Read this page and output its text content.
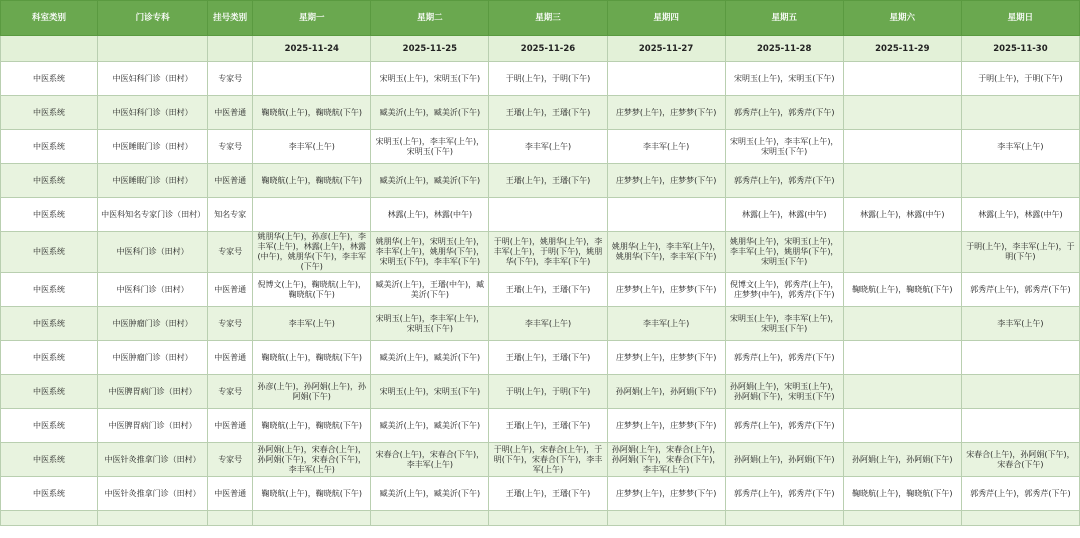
科室类别	门诊专科	挂号类别	星期一	星期二	星期三	星期四	星期五	星期六	星期日
			2025-11-24	2025-11-25	2025-11-26	2025-11-27	2025-11-28	2025-11-29	2025-11-30
中医系统	中医妇科门诊（田村）	专家号		宋明玉(上午)，宋明玉(下午)	于明(上午)，于明(下午)		宋明玉(上午)，宋明玉(下午)		于明(上午)，于明(下午)
中医系统	中医妇科门诊（田村）	中医普通	鞠晓航(上午)，鞠晓航(下午)	臧美沂(上午)，臧美沂(下午)	王璠(上午)，王璠(下午)	庄梦梦(上午)，庄梦梦(下午)	郭秀芹(上午)，郭秀芹(下午)		
中医系统	中医睡眠门诊（田村）	专家号	李丰军(上午)	宋明玉(上午)，李丰军(上午)，宋明玉(下午)	李丰军(上午)	李丰军(上午)	宋明玉(上午)，李丰军(上午)，宋明玉(下午)		李丰军(上午)
中医系统	中医睡眠门诊（田村）	中医普通	鞠晓航(上午)，鞠晓航(下午)	臧美沂(上午)，臧美沂(下午)	王璠(上午)，王璠(下午)	庄梦梦(上午)，庄梦梦(下午)	郭秀芹(上午)，郭秀芹(下午)		
中医系统	中医科知名专家门诊（田村）	知名专家		林露(上午)，林露(中午)			林露(上午)，林露(中午)	林露(上午)，林露(中午)	林露(上午)，林露(中午)
中医系统	中医科门诊（田村）	专家号	姚朋华(上午)，孙彦(上午)，李丰军(上午)，林露(上午)，林露(中午)，姚朋华(下午)，李丰军(下午)	姚朋华(上午)，宋明玉(上午)，李丰军(上午)，姚朋华(下午)，宋明玉(下午)，李丰军(下午)	于明(上午)，姚朋华(上午)，李丰军(上午)，于明(下午)，姚朋华(下午)，李丰军(下午)	姚朋华(上午)，李丰军(上午)，姚朋华(下午)，李丰军(下午)	姚朋华(上午)，宋明玉(上午)，李丰军(上午)，姚朋华(下午)，宋明玉(下午)		于明(上午)，李丰军(上午)，于明(下午)
中医系统	中医科门诊（田村）	中医普通	倪博文(上午)，鞠晓航(上午)，鞠晓航(下午)	臧美沂(上午)，王璠(中午)，臧美沂(下午)	王璠(上午)，王璠(下午)	庄梦梦(上午)，庄梦梦(下午)	倪博文(上午)，郭秀芹(上午)，庄梦梦(中午)，郭秀芹(下午)	鞠晓航(上午)，鞠晓航(下午)	郭秀芹(上午)，郭秀芹(下午)
中医系统	中医肿瘤门诊（田村）	专家号	李丰军(上午)	宋明玉(上午)，李丰军(上午)，宋明玉(下午)	李丰军(上午)	李丰军(上午)	宋明玉(上午)，李丰军(上午)，宋明玉(下午)		李丰军(上午)
中医系统	中医肿瘤门诊（田村）	中医普通	鞠晓航(上午)，鞠晓航(下午)	臧美沂(上午)，臧美沂(下午)	王璠(上午)，王璠(下午)	庄梦梦(上午)，庄梦梦(下午)	郭秀芹(上午)，郭秀芹(下午)		
中医系统	中医脾胃病门诊（田村）	专家号	孙彦(上午)，孙阿娟(上午)，孙阿娟(下午)	宋明玉(上午)，宋明玉(下午)	于明(上午)，于明(下午)	孙阿娟(上午)，孙阿娟(下午)	孙阿娟(上午)，宋明玉(上午)，孙阿娟(下午)，宋明玉(下午)		
中医系统	中医脾胃病门诊（田村）	中医普通	鞠晓航(上午)，鞠晓航(下午)	臧美沂(上午)，臧美沂(下午)	王璠(上午)，王璠(下午)	庄梦梦(上午)，庄梦梦(下午)	郭秀芹(上午)，郭秀芹(下午)		
中医系统	中医针灸推拿门诊（田村）	专家号	孙阿娟(上午)，宋春合(上午)，孙阿娟(下午)，宋春合(下午)，李丰军(上午)	宋春合(上午)，宋春合(下午)，李丰军(上午)	于明(上午)，宋春合(上午)，于明(下午)，宋春合(下午)，李丰军(上午)	孙阿娟(上午)，宋春合(上午)，孙阿娟(下午)，宋春合(下午)，李丰军(上午)	孙阿娟(上午)，孙阿娟(下午)	孙阿娟(上午)，孙阿娟(下午)	宋春合(上午)，孙阿娟(下午)，宋春合(下午)
中医系统	中医针灸推拿门诊（田村）	中医普通	鞠晓航(上午)，鞠晓航(下午)	臧美沂(上午)，臧美沂(下午)	王璠(上午)，王璠(下午)	庄梦梦(上午)，庄梦梦(下午)	郭秀芹(上午)，郭秀芹(下午)	鞠晓航(上午)，鞠晓航(下午)	郭秀芹(上午)，郭秀芹(下午)
